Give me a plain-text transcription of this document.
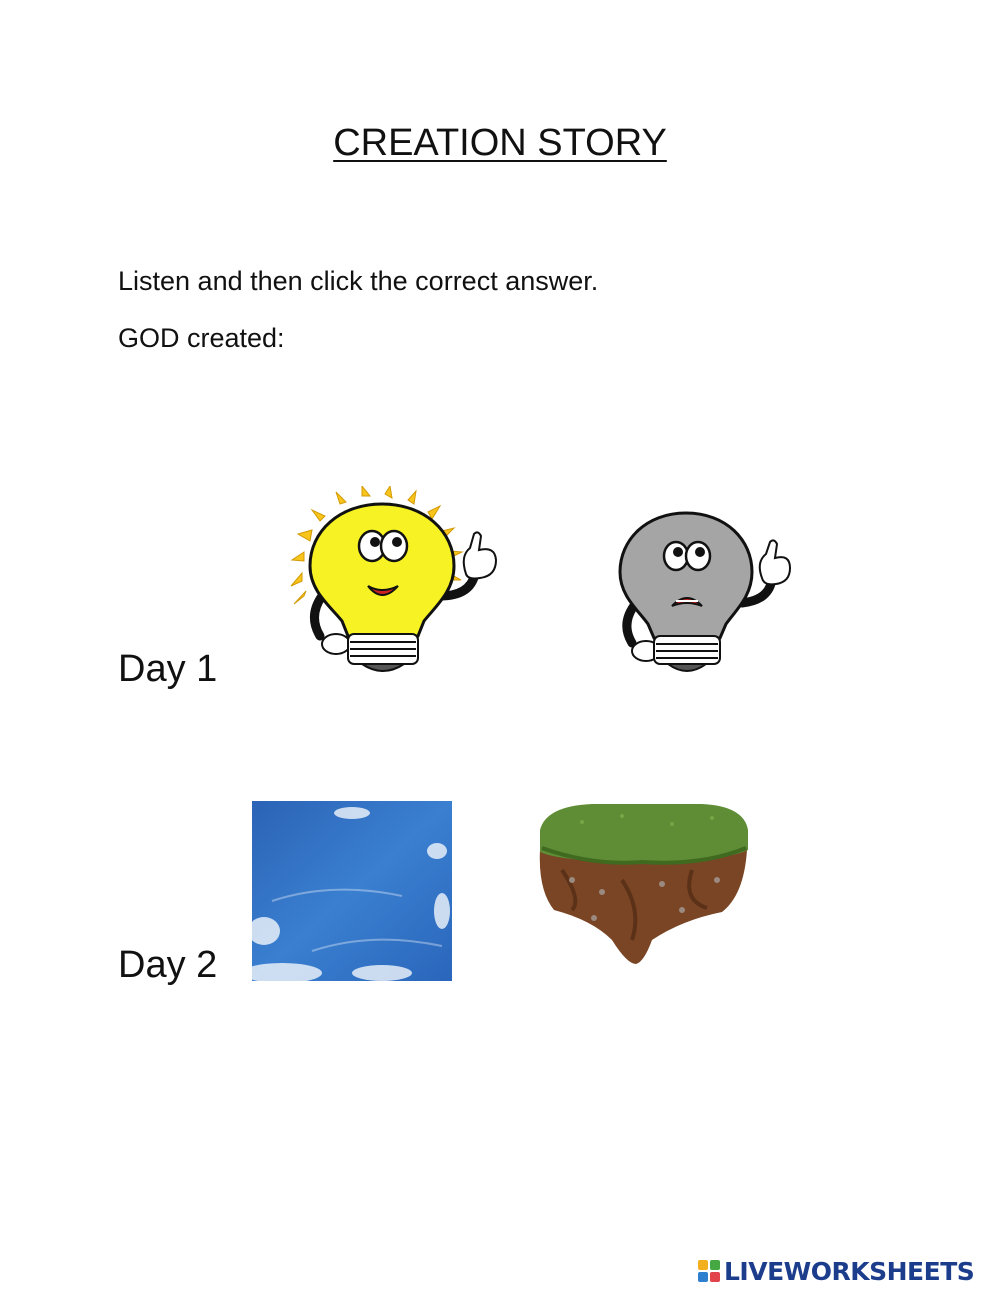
CREATION STORY
Listen and then click the correct answer.
GOD created:
Day 1
Day 2
LIVEWORKSHEETS
